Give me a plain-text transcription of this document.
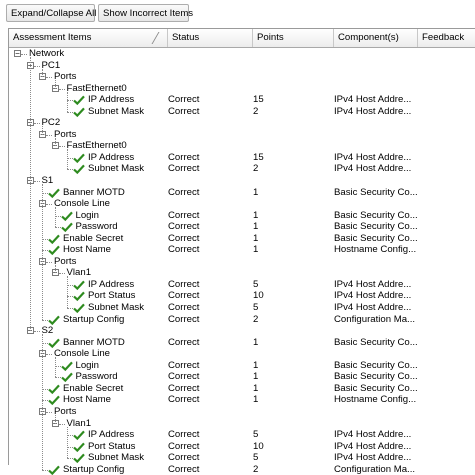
Expand/Collapse All Show Incorrect Items
Assessment Items	Status	Points	Component(s)	Feedback
− Network
− PC1
− Ports
− FastEthernet0
IP Address	Correct	15	IPv4 Host Addre...
Subnet Mask	Correct	2	IPv4 Host Addre...
− PC2
− Ports
− FastEthernet0
IP Address	Correct	15	IPv4 Host Addre...
Subnet Mask	Correct	2	IPv4 Host Addre...
− S1
Banner MOTD	Correct	1	Basic Security Co...
− Console Line
Login	Correct	1	Basic Security Co...
Password	Correct	1	Basic Security Co...
Enable Secret	Correct	1	Basic Security Co...
Host Name	Correct	1	Hostname Config...
− Ports
− Vlan1
IP Address	Correct	5	IPv4 Host Addre...
Port Status	Correct	10	IPv4 Host Addre...
Subnet Mask	Correct	5	IPv4 Host Addre...
Startup Config	Correct	2	Configuration Ma...
− S2
Banner MOTD	Correct	1	Basic Security Co...
− Console Line
Login	Correct	1	Basic Security Co...
Password	Correct	1	Basic Security Co...
Enable Secret	Correct	1	Basic Security Co...
Host Name	Correct	1	Hostname Config...
− Ports
− Vlan1
IP Address	Correct	5	IPv4 Host Addre...
Port Status	Correct	10	IPv4 Host Addre...
Subnet Mask	Correct	5	IPv4 Host Addre...
Startup Config	Correct	2	Configuration Ma...
